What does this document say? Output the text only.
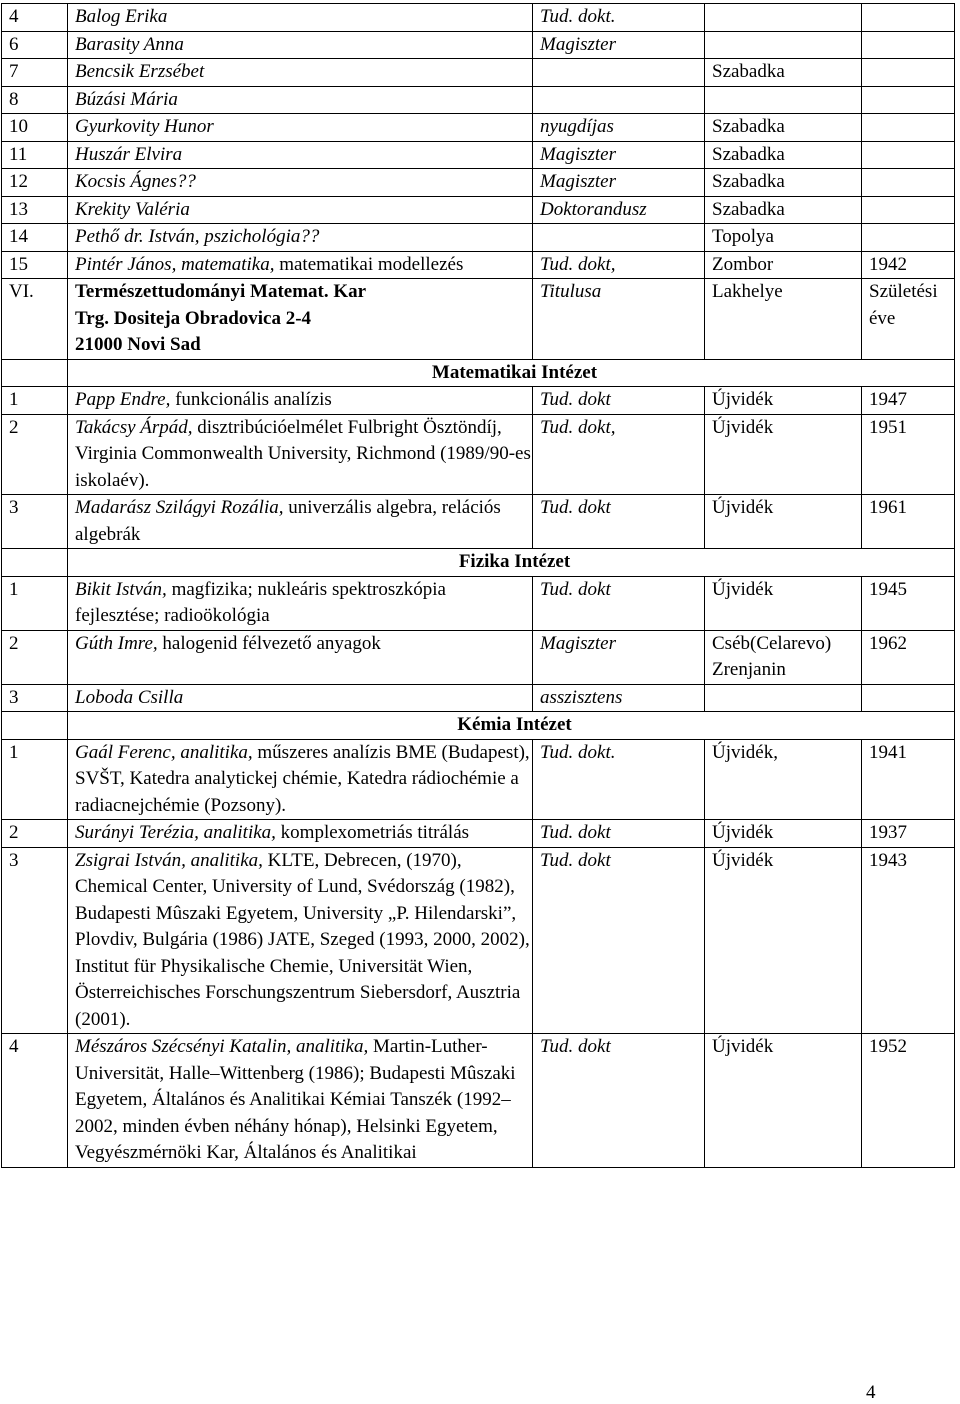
4	Balog Erika	Tud. dokt.		
6	Barasity Anna	Magiszter		
7	Bencsik Erzsébet		Szabadka	
8	Búzási Mária			
10	Gyurkovity Hunor	nyugdíjas	Szabadka	
11	Huszár Elvira	Magiszter	Szabadka	
12	Kocsis Ágnes??	Magiszter	Szabadka	
13	Krekity Valéria	Doktorandusz	Szabadka	
14	Pethő dr. István, pszichológia??		Topolya	
15	Pintér János, matematika, matematikai modellezés	Tud. dokt,	Zombor	1942
VI.	Természettudományi Matemat. Kar
Trg. Dositeja Obradovica 2-4
21000 Novi Sad	Titulusa	Lakhelye	Születési éve
	Matematikai Intézet			
1	Papp Endre, funkcionális analízis	Tud. dokt	Újvidék	1947
2	Takácsy Árpád, disztribúcióelmélet Fulbright Ösztöndíj, Virginia Commonwealth University, Richmond (1989/90-es iskolaév).	Tud. dokt,	Újvidék	1951
3	Madarász Szilágyi Rozália, univerzális algebra, relációs algebrák	Tud. dokt	Újvidék	1961
	Fizika Intézet			
1	Bikit István, magfizika; nukleáris spektroszkópia fejlesztése; radioökológia	Tud. dokt	Újvidék	1945
2	Gúth Imre, halogenid félvezető anyagok	Magiszter	Cséb(Celarevo) Zrenjanin	1962
3	Loboda Csilla	asszisztens		
	Kémia Intézet			
1	Gaál Ferenc, analitika, műszeres analízis BME (Budapest), SVŠT, Katedra analytickej chémie, Katedra rádiochémie a radiacnejchémie (Pozsony).	Tud. dokt.	Újvidék,	1941
2	Surányi Terézia, analitika, komplexometriás titrálás	Tud. dokt	Újvidék	1937
3	Zsigrai István, analitika, KLTE, Debrecen, (1970), Chemical Center, University of Lund, Svédország (1982), Budapesti Mûszaki Egyetem, University „P. Hilendarski”, Plovdiv, Bulgária (1986) JATE, Szeged (1993, 2000, 2002), Institut für Physikalische Chemie, Universität Wien, Österreichisches Forschungszentrum Siebersdorf, Ausztria (2001).	Tud. dokt	Újvidék	1943
4	Mészáros Szécsényi Katalin, analitika, Martin-Luther-Universität, Halle–Wittenberg (1986); Budapesti Mûszaki Egyetem, Általános és Analitikai Kémiai Tanszék (1992–2002, minden évben néhány hónap), Helsinki Egyetem, Vegyészmérnöki Kar, Általános és Analitikai	Tud. dokt	Újvidék	1952
4
